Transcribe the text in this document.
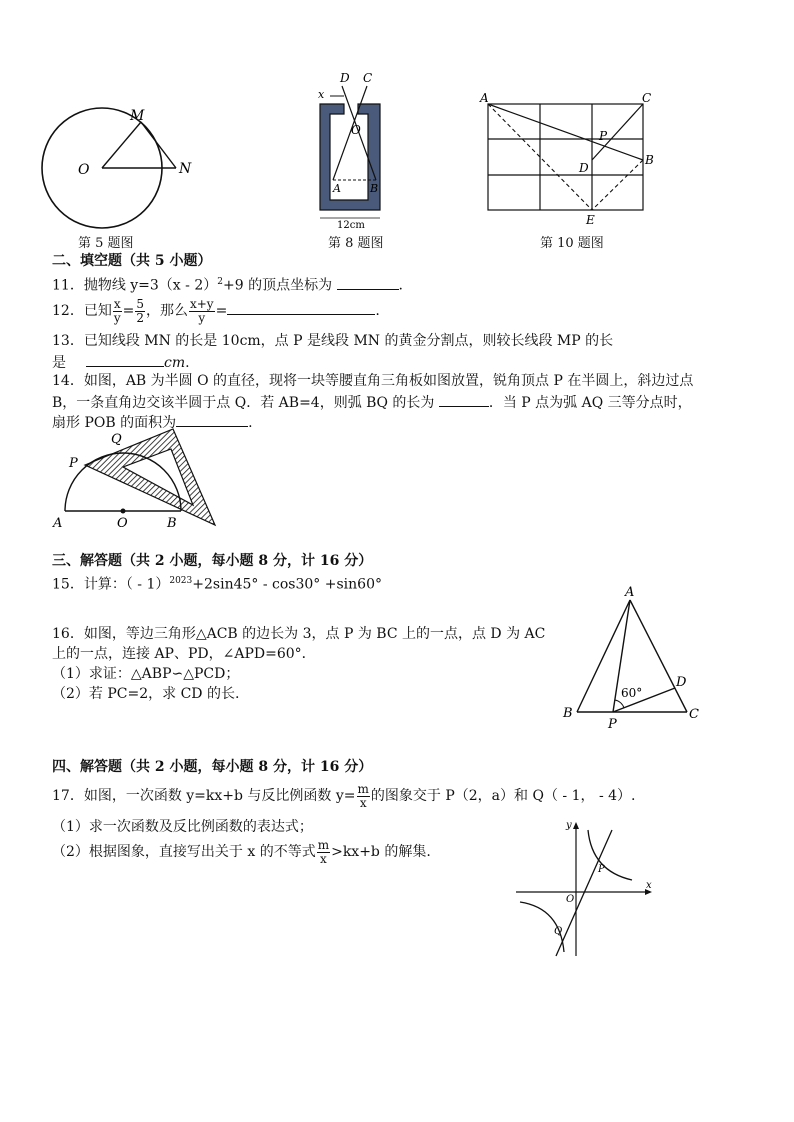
M
O	N
第 5 题图
D C
x
O
A	B
12cm
第 8 题图
A	C
P
D
B
E
第 10 题图
二、填空题（共 5 小题）
11．抛物线 y=3（x - 2）$^2$+9 的顶点坐标为	.
12．已知 $\frac{x}{y} = \frac{5}{2}$ ，那么 $\frac{x+y}{y}$ =	.
13．已知线段 MN 的长是 10cm，点 P 是线段 MN 的黄金分割点，则较长线段 MP 的长
是	cm.
14．如图，AB 为半圆 O 的直径，现将一块等腰直角三角板如图放置，锐角顶点 P 在半圆上，斜边过点
B，一条直角边交该半圆于点 Q．若 AB=4，则弧 BQ 的长为	．当 P 点为弧 AQ 三等分点时，
扇形 POB 的面积为	.
Q
P
A	O	B
三、解答题（共 2 小题，每小题 8 分，计 16 分）
15．计算：（ - 1）$^{2023}$+2sin45° - cos30° +sin60°
16．如图，等边三角形△ACB 的边长为 3，点 P 为 BC 上的一点，点 D 为 AC
上的一点，连接 AP、PD，∠APD=60°．
（1）求证：△ABP∽△PCD；
（2）若 PC=2，求 CD 的长.
A
D
B
P
C
60°
四、解答题（共 2 小题，每小题 8 分，计 16 分）
17．如图，一次函数 y=kx+b 与反比例函数 $y= \frac{m}{x}$ 的图象交于 P（2，a）和 Q（ - 1， - 4）.
（1）求一次函数及反比例函数的表达式；
（2）根据图象，直接写出关于 x 的不等式 $\frac{m}{x} >kx+b$ 的解集.
y
x
O
P
Q
